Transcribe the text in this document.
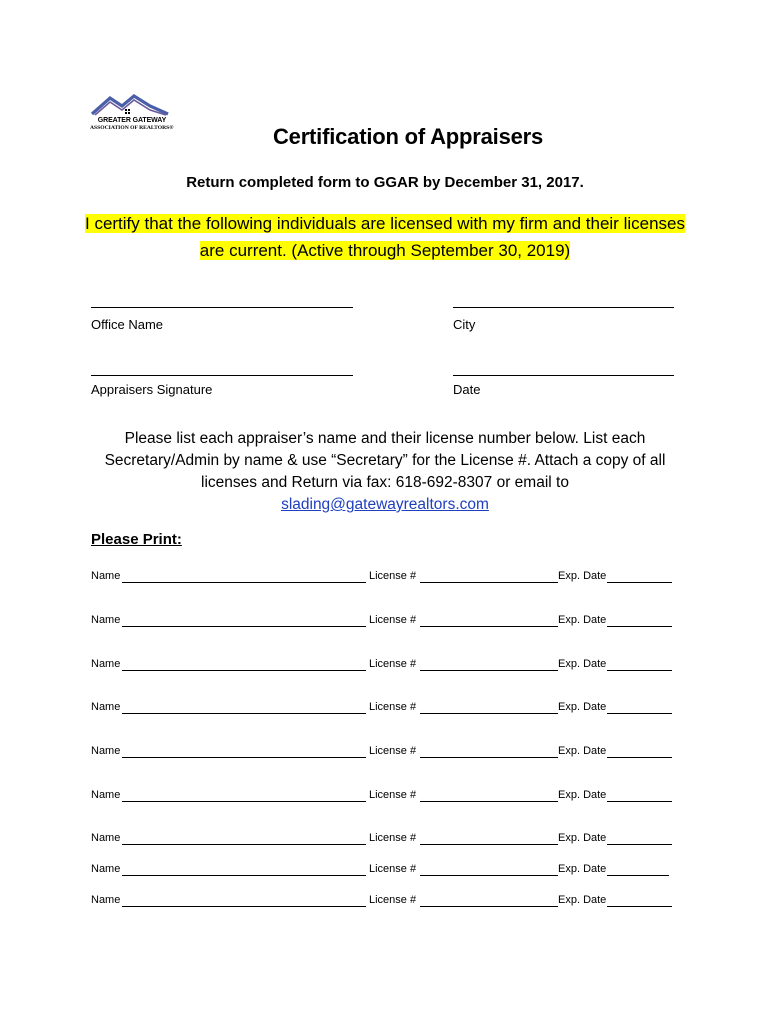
GREATER GATEWAY
ASSOCIATION OF REALTORS®	Certification of Appraisers
Return completed form to GGAR by December 31, 2017.
I certify that the following individuals are licensed with my firm and their licenses are current. (Active through September 30, 2019)
Office Name	City
Appraisers Signature	Date
Please list each appraiser’s name and their license number below. List each Secretary/Admin by name & use “Secretary” for the License #. Attach a copy of all licenses and Return via fax: 618-692-8307 or email to
slading@gatewayrealtors.com
Please Print:
Name	License #	Exp. Date
Name	License #	Exp. Date
Name	License #	Exp. Date
Name	License #	Exp. Date
Name	License #	Exp. Date
Name	License #	Exp. Date
Name	License #	Exp. Date
Name	License #	Exp. Date
Name	License #	Exp. Date
